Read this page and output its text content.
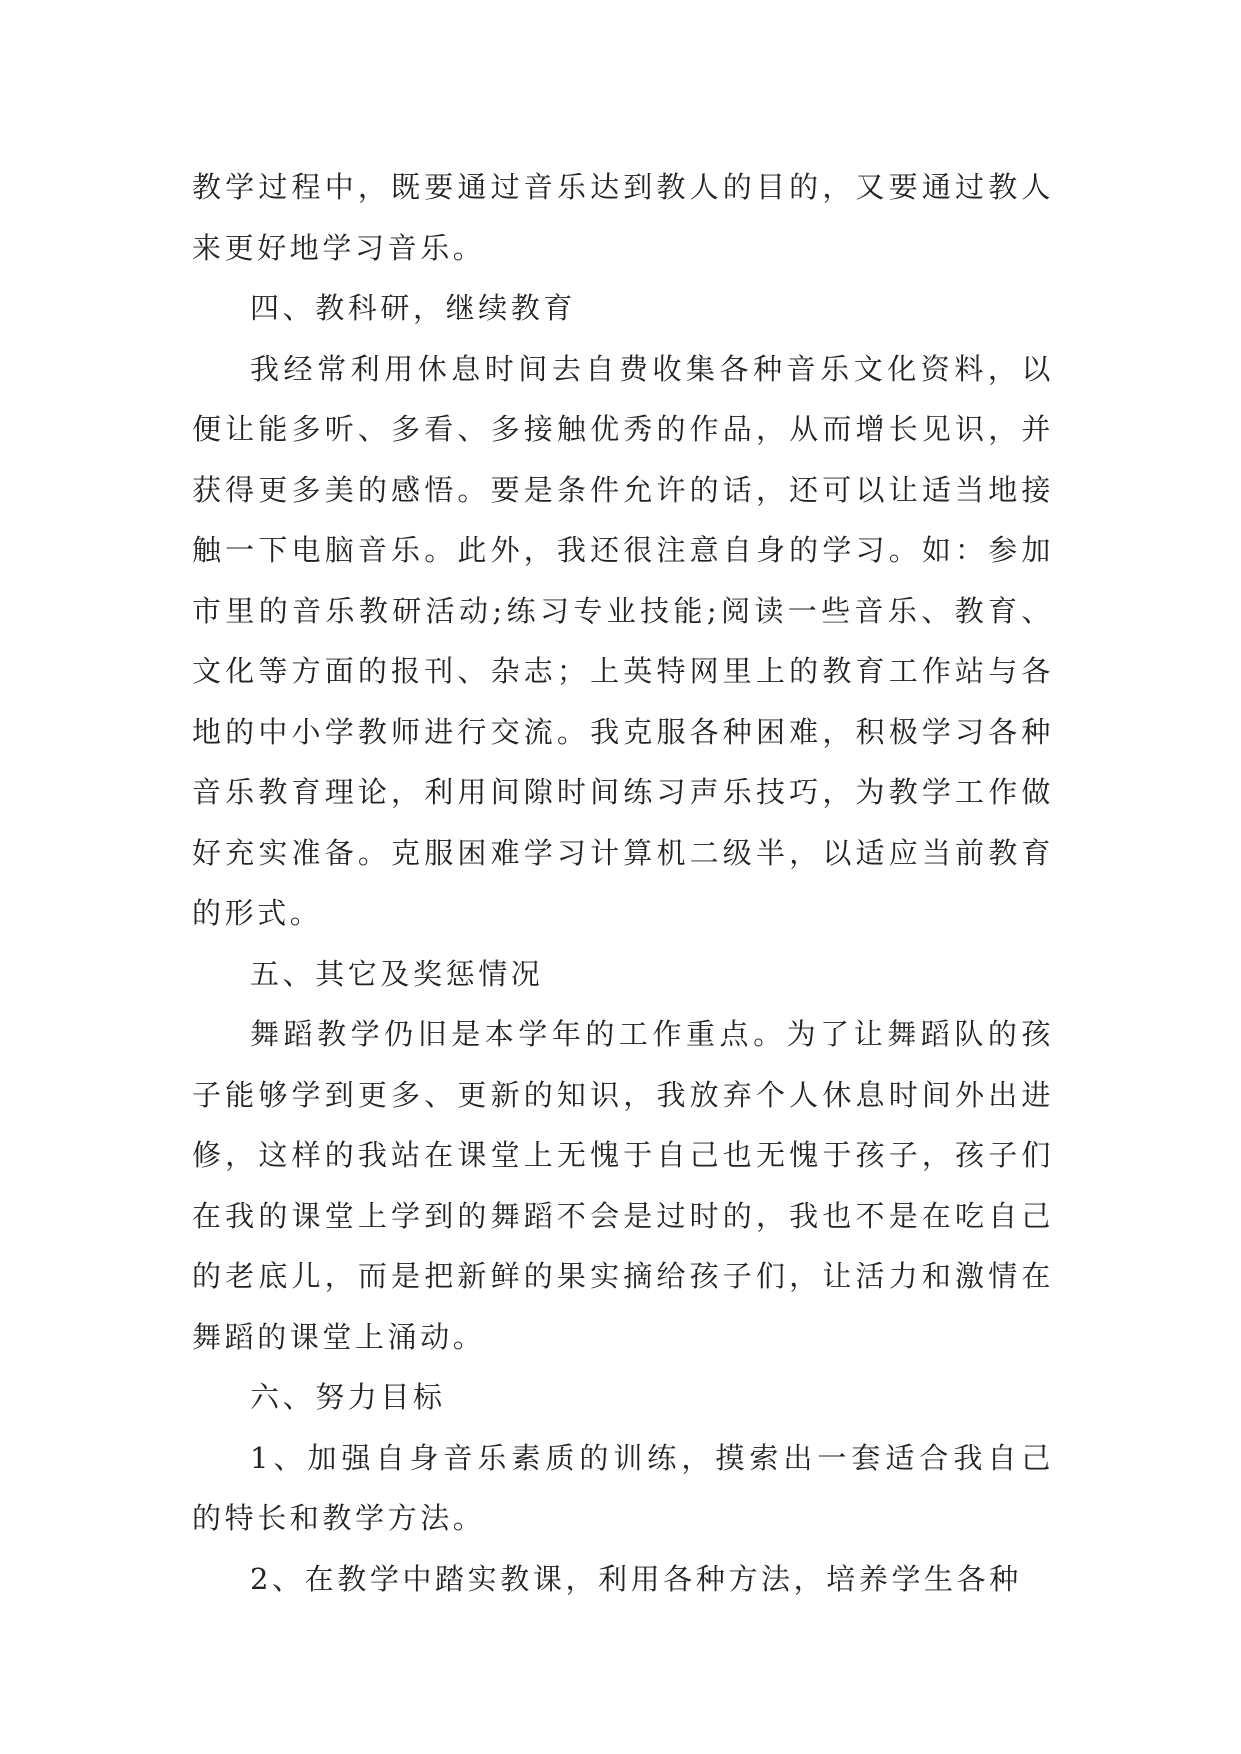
教学过程中，既要通过音乐达到教人的目的，又要通过教人来更好地学习音乐。

四、教科研，继续教育

我经常利用休息时间去自费收集各种音乐文化资料，以便让能多听、多看、多接触优秀的作品，从而增长见识，并获得更多美的感悟。要是条件允许的话，还可以让适当地接触一下电脑音乐。此外，我还很注意自身的学习。如：参加市里的音乐教研活动;练习专业技能;阅读一些音乐、教育、文化等方面的报刊、杂志；上英特网里上的教育工作站与各地的中小学教师进行交流。我克服各种困难，积极学习各种音乐教育理论，利用间隙时间练习声乐技巧，为教学工作做好充实准备。克服困难学习计算机二级半，以适应当前教育的形式。

五、其它及奖惩情况

舞蹈教学仍旧是本学年的工作重点。为了让舞蹈队的孩子能够学到更多、更新的知识，我放弃个人休息时间外出进修，这样的我站在课堂上无愧于自己也无愧于孩子，孩子们在我的课堂上学到的舞蹈不会是过时的，我也不是在吃自己的老底儿，而是把新鲜的果实摘给孩子们，让活力和激情在舞蹈的课堂上涌动。

六、努力目标

1、加强自身音乐素质的训练，摸索出一套适合我自己的特长和教学方法。

2、在教学中踏实教课，利用各种方法，培养学生各种
